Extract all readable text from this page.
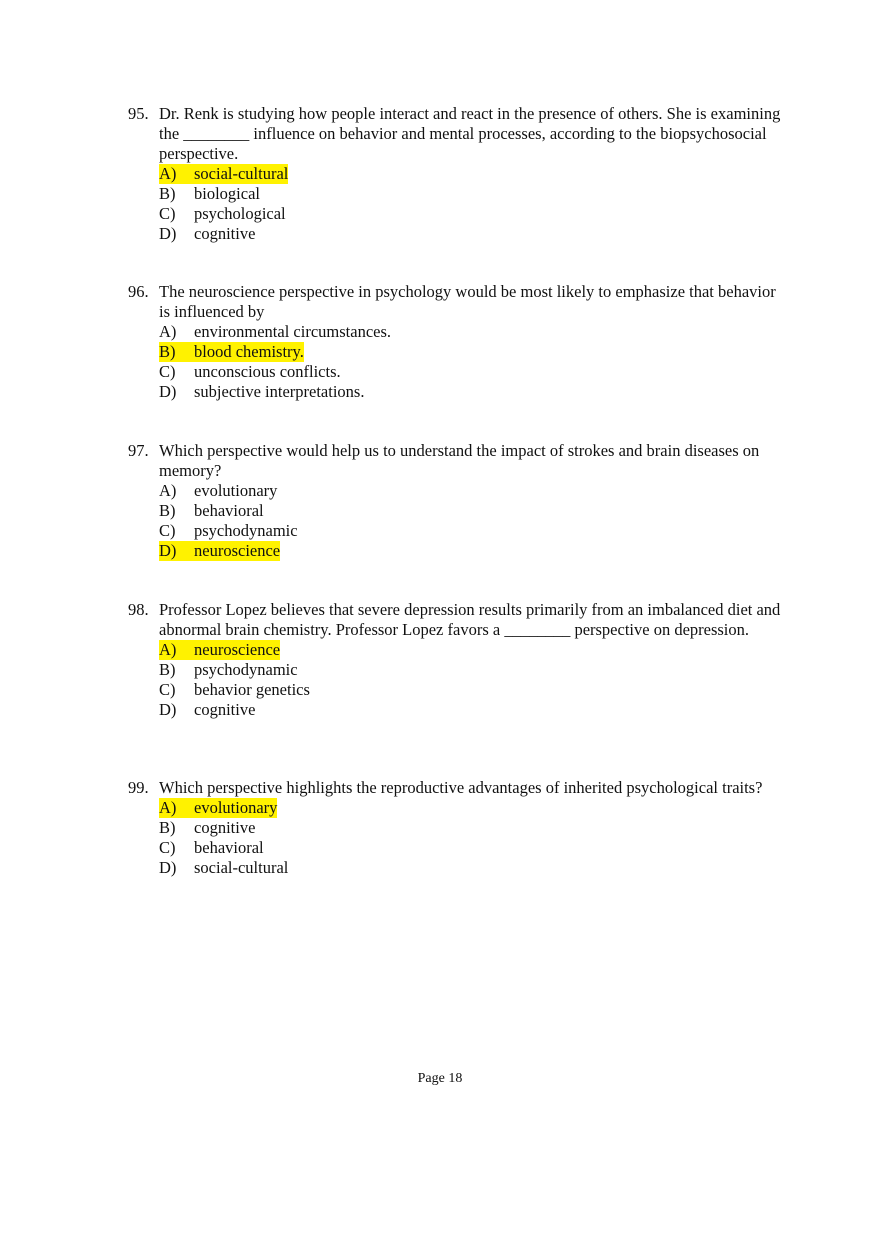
95. Dr. Renk is studying how people interact and react in the presence of others. She is examining the ________ influence on behavior and mental processes, according to the biopsychosocial perspective.
A)	social-cultural
B)	biological
C)	psychological
D)	cognitive
96. The neuroscience perspective in psychology would be most likely to emphasize that behavior is influenced by
A)	environmental circumstances.
B)	blood chemistry.
C)	unconscious conflicts.
D)	subjective interpretations.
97. Which perspective would help us to understand the impact of strokes and brain diseases on memory?
A)	evolutionary
B)	behavioral
C)	psychodynamic
D)	neuroscience
98. Professor Lopez believes that severe depression results primarily from an imbalanced diet and abnormal brain chemistry. Professor Lopez favors a ________ perspective on depression.
A)	neuroscience
B)	psychodynamic
C)	behavior genetics
D)	cognitive
99. Which perspective highlights the reproductive advantages of inherited psychological traits?
A)	evolutionary
B)	cognitive
C)	behavioral
D)	social-cultural
Page 18
